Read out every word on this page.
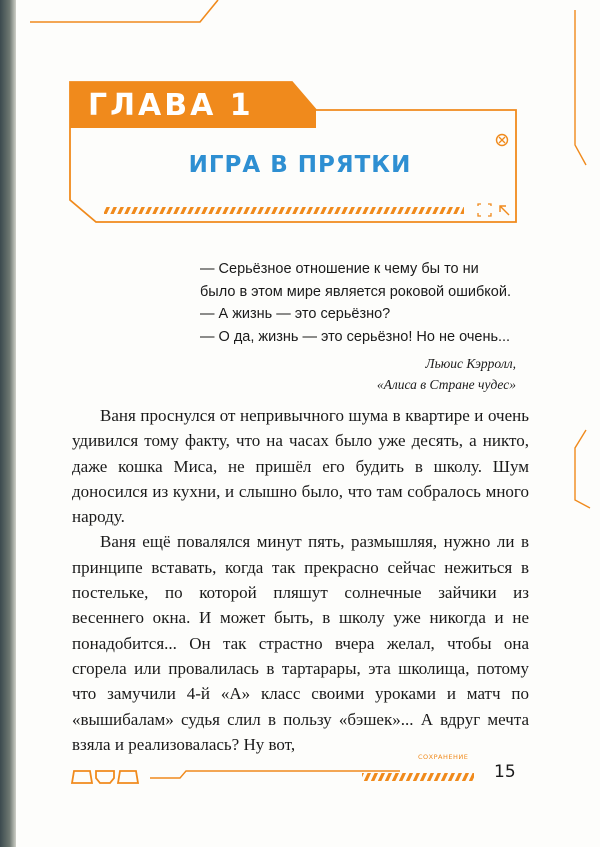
ГЛАВА 1
ИГРА В ПРЯТКИ

— Серьёзное отношение к чему бы то ни

было в этом мире является роковой ошибкой.

— А жизнь — это серьёзно?

— О да, жизнь — это серьёзно! Но не очень...

Льюис Кэрролл,

«Алиса в Стране чудес»

Ваня проснулся от непривычного шума в квартире и очень удивился тому факту, что на часах было уже десять, а никто, даже кошка Миса, не пришёл его будить в школу. Шум доносился из кухни, и слышно было, что там собралось много народу.

Ваня ещё повалялся минут пять, размышляя, нужно ли в принципе вставать, когда так прекрасно сейчас нежиться в постельке, по которой пляшут солнечные зайчики из весеннего окна. И может быть, в школу уже никогда и не понадобится... Он так страстно вчера желал, чтобы она сгорела или провалилась в тартарары, эта школища, потому что замучили 4-й «А» класс своими уроками и матч по «вышибалам» судья слил в пользу «бэшек»... А вдруг мечта взяла и реализовалась? Ну вот,

СОХРАНЕНИЕ
15
